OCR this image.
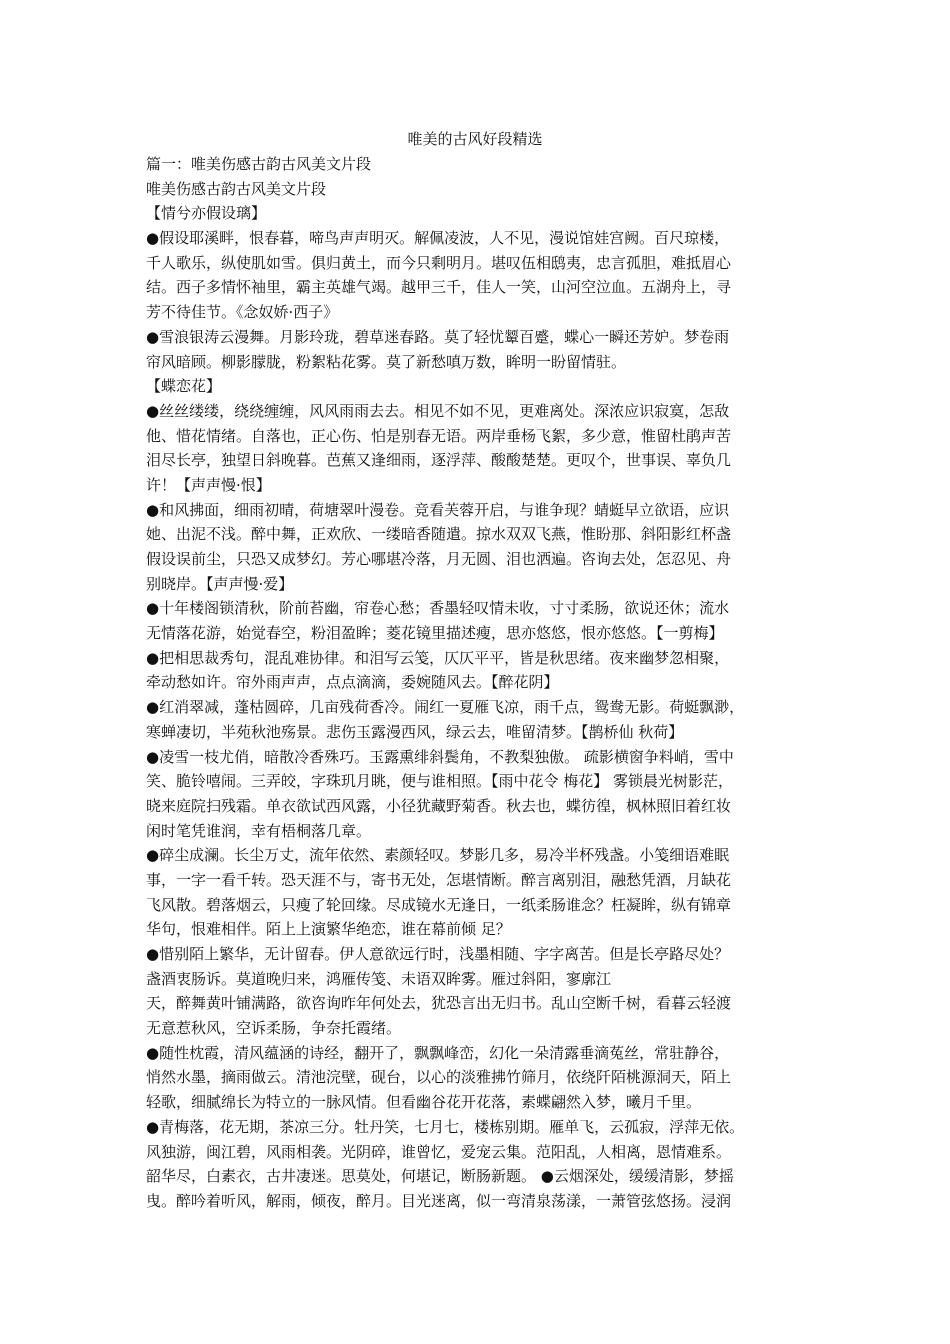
唯美的古风好段精选
篇一：唯美伤感古韵古风美文片段
唯美伤感古韵古风美文片段
【情兮亦假设璃】
●假设耶溪畔，恨春暮，啼鸟声声明灭。解佩凌波，人不见，漫说馆娃宫阙。百尺琼楼，
千人歌乐，纵使肌如雪。俱归黄土，而今只剩明月。堪叹伍相鸱夷，忠言孤胆，难抵眉心
结。西子多情怀袖里，霸主英雄气竭。越甲三千，佳人一笑，山河空泣血。五湖舟上，寻
芳不待佳节。《念奴娇·西子》
●雪浪银涛云漫舞。月影玲珑，碧草迷春路。莫了轻忧颦百蹙，蝶心一瞬还芳妒。梦卷雨
帘风暗顾。柳影朦胧，粉絮粘花雾。莫了新愁嗔万数，眸明一盼留情驻。
【蝶恋花】
●丝丝缕缕，绕绕缠缠，风风雨雨去去。相见不如不见，更难离处。深浓应识寂寞，怎敌
他、惜花情绪。自落也，正心伤、怕是别春无语。两岸垂杨飞絮，多少意，惟留杜鹃声苦
泪尽长亭，独望日斜晚暮。芭蕉又逢细雨，逐浮萍、酸酸楚楚。更叹个，世事误、辜负几
许！【声声慢·恨】
●和风拂面，细雨初晴，荷塘翠叶漫卷。竞看芙蓉开启，与谁争现？蜻蜓早立欲语，应识
她、出泥不浅。醉中舞，正欢欣、一缕暗香随遣。掠水双双飞燕，惟盼那、斜阳影红杯盏
假设误前尘，只恐又成梦幻。芳心哪堪冷落，月无圆、泪也洒遍。咨询去处，怎忍见、舟
别晓岸。【声声慢·爱】
●十年楼阁锁清秋，阶前苔幽，帘卷心愁；香墨轻叹情未收，寸寸柔肠，欲说还休；流水
无情落花游，始觉春空，粉泪盈眸；菱花镜里描述瘦，思亦悠悠，恨亦悠悠。【一剪梅】
●把相思裁秀句，混乱难协律。和泪写云笺，仄仄平平，皆是秋思绪。夜来幽梦忽相聚，
牵动愁如许。帘外雨声声，点点滴滴，委婉随风去。【醉花阴】
●红消翠减，蓬枯圆碎，几亩残荷香冷。闹红一夏雁飞凉，雨千点，鸳鸯无影。荷蜓飘渺，
寒蝉凄切，半苑秋池殇景。悲伤玉露漫西风，绿云去，唯留清梦。【鹊桥仙 秋荷】
●凌雪一枝尤俏，暗散冷香殊巧。玉露熏绯斜鬓角，不教梨独傲。 疏影横窗争料峭，雪中
笑、脆铃嘻闹。三弄皎，字珠玑月眺，便与谁相照。【雨中花令 梅花】 雾锁晨光树影茫，
晓来庭院扫残霜。单衣欲试西风露，小径犹藏野菊香。秋去也，蝶彷徨，枫林照旧着红妆
闲时笔凭谁润，幸有梧桐落几章。
●碎尘成澜。长尘万丈，流年依然、素颜轻叹。梦影几多，易冷半杯残盏。小笺细语难眠
事，一字一看千转。恐天涯不与，寄书无处，怎堪情断。醉言离别泪，融愁凭酒，月缺花
飞风散。碧落烟云，只瘦了轮回缘。尽成镜水无逢日，一纸柔肠谁念？枉凝眸，纵有锦章
华句，恨难相伴。陌上上演繁华绝恋，谁在幕前倾 足？
●惜别陌上繁华，无计留春。伊人意欲远行时，浅墨相随、字字离苦。但是长亭路尽处？
盏酒衷肠诉。莫道晚归来，鸿雁传笺、未语双眸雾。雁过斜阳，寥廓江
天，醉舞黄叶铺满路，欲咨询昨年何处去，犹恐言出无归书。乱山空断千树，看暮云轻渡
无意惹秋风，空诉柔肠，争奈托霞绪。
●随性枕霞，清风蕴涵的诗经，翻开了，飘飘峰峦，幻化一朵清露垂滴菟丝，常驻静谷，
悄然水墨，摘雨做云。清池浣壁，砚台，以心的淡雅拂竹筛月，依绕阡陌桃源洞天，陌上
轻歌，细腻绵长为特立的一脉风情。但看幽谷花开花落，素蝶翩然入梦，曦月千里。
●青梅落，花无期，茶凉三分。牡丹笑，七月七，楼栋别期。雁单飞，云孤寂，浮萍无依。
风独游，闽江碧，风雨相袭。光阴碎，谁曾忆，爱宠云集。范阳乱，人相离，恩情难系。
韶华尽，白素衣，古井凄迷。思莫处，何堪记，断肠新题。 ●云烟深处，缓缓清影，梦摇
曳。醉吟着听风，解雨，倾夜，醉月。目光迷离，似一弯清泉荡漾，一萧管弦悠扬。浸润
